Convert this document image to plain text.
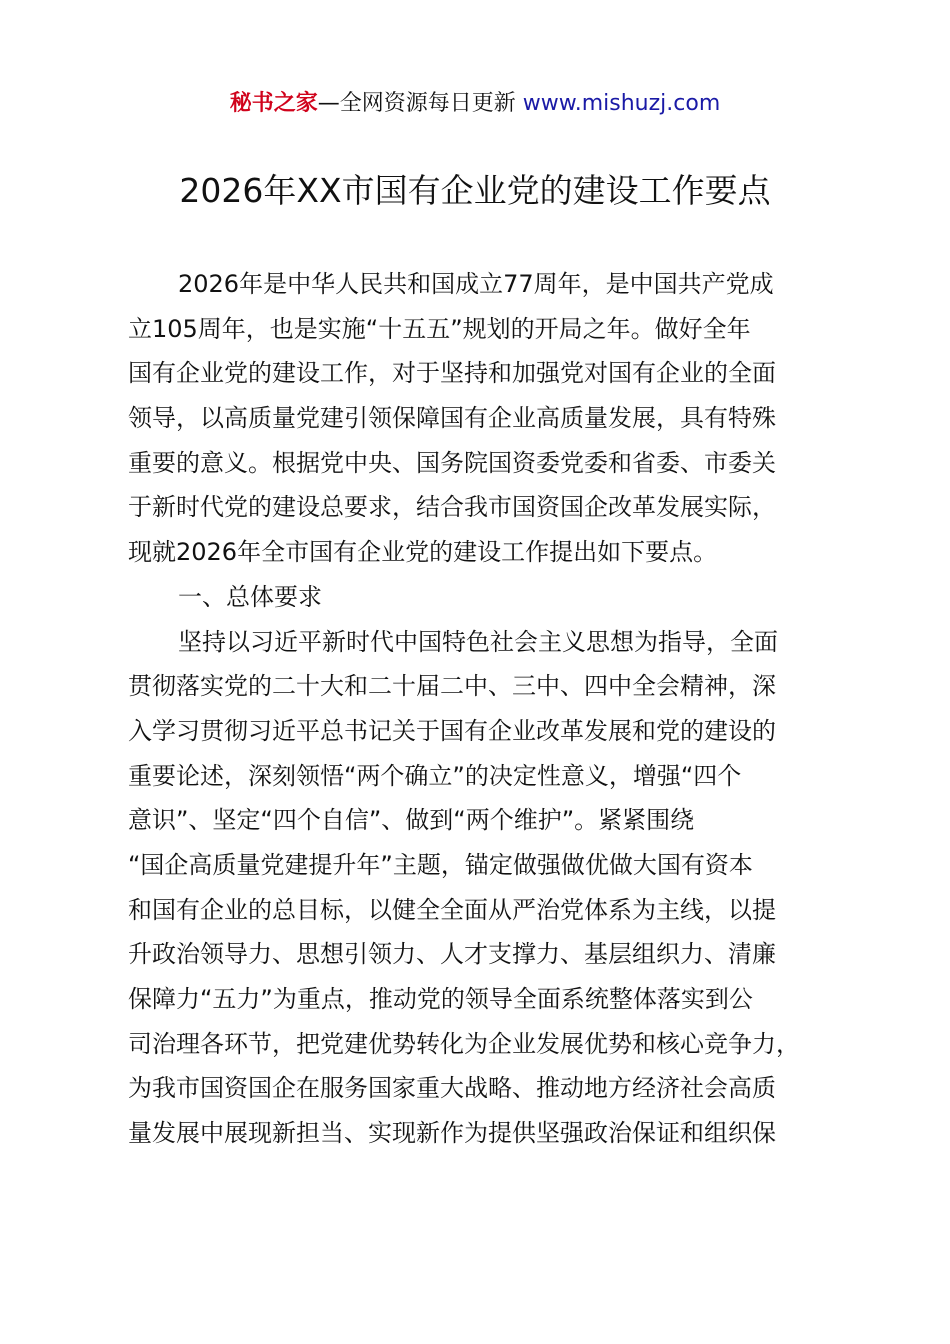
秘书之家—全网资源每日更新 www.mishuzj.com
2026年XX市国有企业党的建设工作要点
2026年是中华人民共和国成立77周年，是中国共产党成
立105周年，也是实施“十五五”规划的开局之年。做好全年
国有企业党的建设工作，对于坚持和加强党对国有企业的全面
领导，以高质量党建引领保障国有企业高质量发展，具有特殊
重要的意义。根据党中央、国务院国资委党委和省委、市委关
于新时代党的建设总要求，结合我市国资国企改革发展实际，
现就2026年全市国有企业党的建设工作提出如下要点。
一、总体要求
坚持以习近平新时代中国特色社会主义思想为指导，全面
贯彻落实党的二十大和二十届二中、三中、四中全会精神，深
入学习贯彻习近平总书记关于国有企业改革发展和党的建设的
重要论述，深刻领悟“两个确立”的决定性意义，增强“四个
意识”、坚定“四个自信”、做到“两个维护”。紧紧围绕
“国企高质量党建提升年”主题，锚定做强做优做大国有资本
和国有企业的总目标，以健全全面从严治党体系为主线，以提
升政治领导力、思想引领力、人才支撑力、基层组织力、清廉
保障力“五力”为重点，推动党的领导全面系统整体落实到公
司治理各环节，把党建优势转化为企业发展优势和核心竞争力，
为我市国资国企在服务国家重大战略、推动地方经济社会高质
量发展中展现新担当、实现新作为提供坚强政治保证和组织保
